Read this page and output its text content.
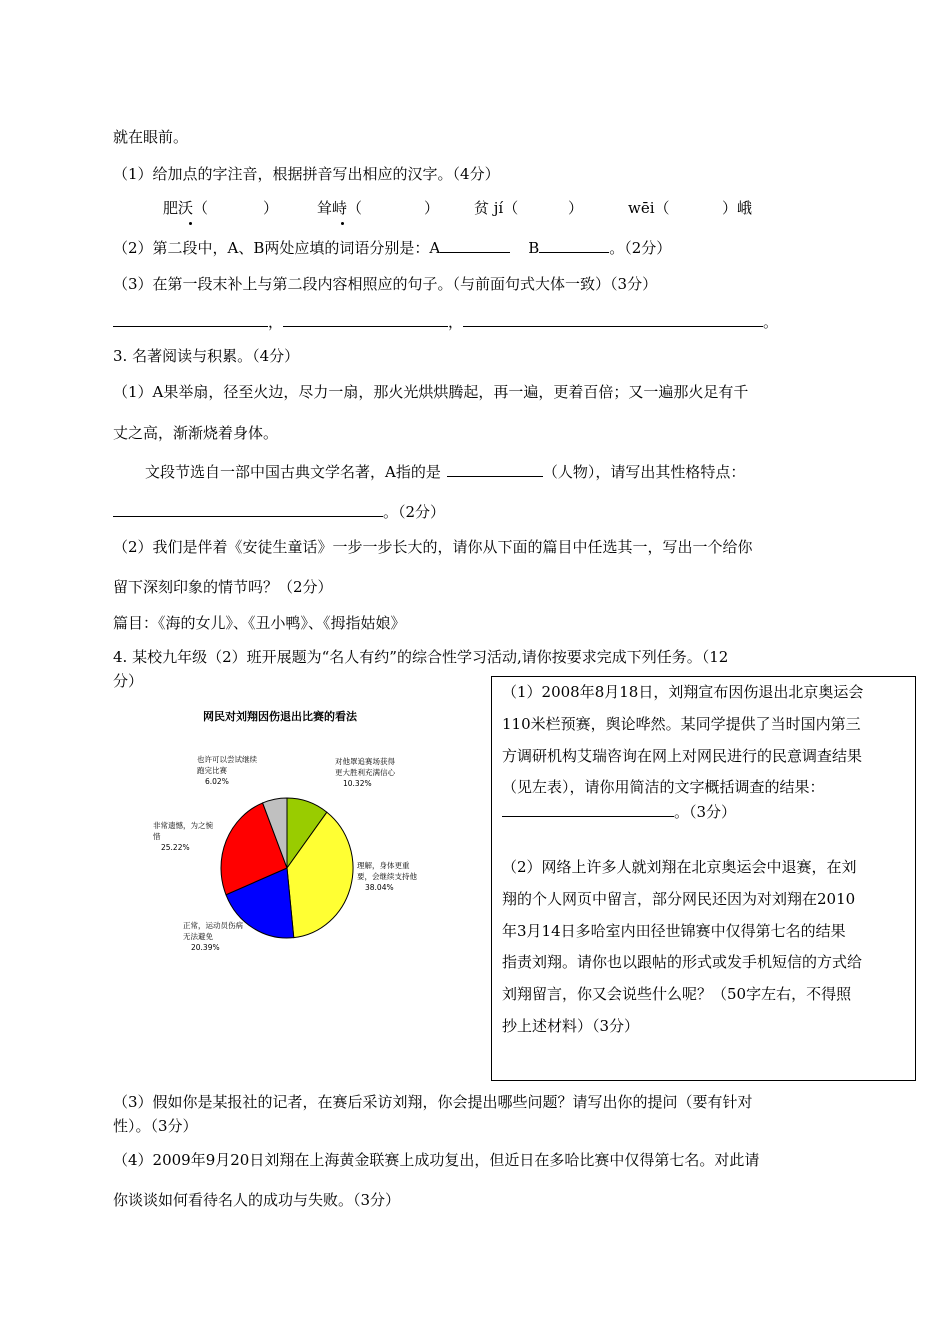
就在眼前。
（1）给加点的字注音，根据拼音写出相应的汉字。（4分）
肥沃（	）	耸峙（	） 贫 jí（	）	wēi（	）峨
（2）第二段中，A、B两处应填的词语分别是：A	B	。（2分）
（3）在第一段末补上与第二段内容相照应的句子。（与前面句式大体一致）（3分）
，	，	。
3. 名著阅读与积累。（4分）
（1）A果举扇，径至火边，尽力一扇，那火光烘烘腾起，再一遍，更着百倍；又一遍那火足有千
丈之高，渐渐烧着身体。
文段节选自一部中国古典文学名著，A指的是	（人物），请写出其性格特点：
。（2分）
（2）我们是伴着《安徒生童话》一步一步长大的，请你从下面的篇目中任选其一，写出一个给你
留下深刻印象的情节吗？（2分）
篇目：《海的女儿》、《丑小鸭》、《拇指姑娘》
4. 某校九年级（2）班开展题为“名人有约”的综合性学习活动,请你按要求完成下列任务。（12
分）
网民对刘翔因伤退出比赛的看法
对他罩追赛场获得
更大胜利充满信心
10.32%
理解，身体更重
要，会继续支持他
38.04%
正常，运动员伤病
无法避免
20.39%
非常遗憾，为之惋
惜
25.22%
也许可以尝试继续
跑完比赛
6.02%
（1）2008年8月18日，刘翔宣布因伤退出北京奥运会
110米栏预赛，舆论哗然。某同学提供了当时国内第三
方调研机构艾瑞咨询在网上对网民进行的民意调查结果
（见左表），请你用简洁的文字概括调查的结果：
。（3分）
（2）网络上许多人就刘翔在北京奥运会中退赛，在刘
翔的个人网页中留言，部分网民还因为对刘翔在2010
年3月14日多哈室内田径世锦赛中仅得第七名的结果
指责刘翔。请你也以跟帖的形式或发手机短信的方式给
刘翔留言，你又会说些什么呢？（50字左右，不得照
抄上述材料）（3分）
（3）假如你是某报社的记者，在赛后采访刘翔，你会提出哪些问题？请写出你的提问（要有针对
性）。（3分）
（4）2009年9月20日刘翔在上海黄金联赛上成功复出，但近日在多哈比赛中仅得第七名。对此请
你谈谈如何看待名人的成功与失败。（3分）
